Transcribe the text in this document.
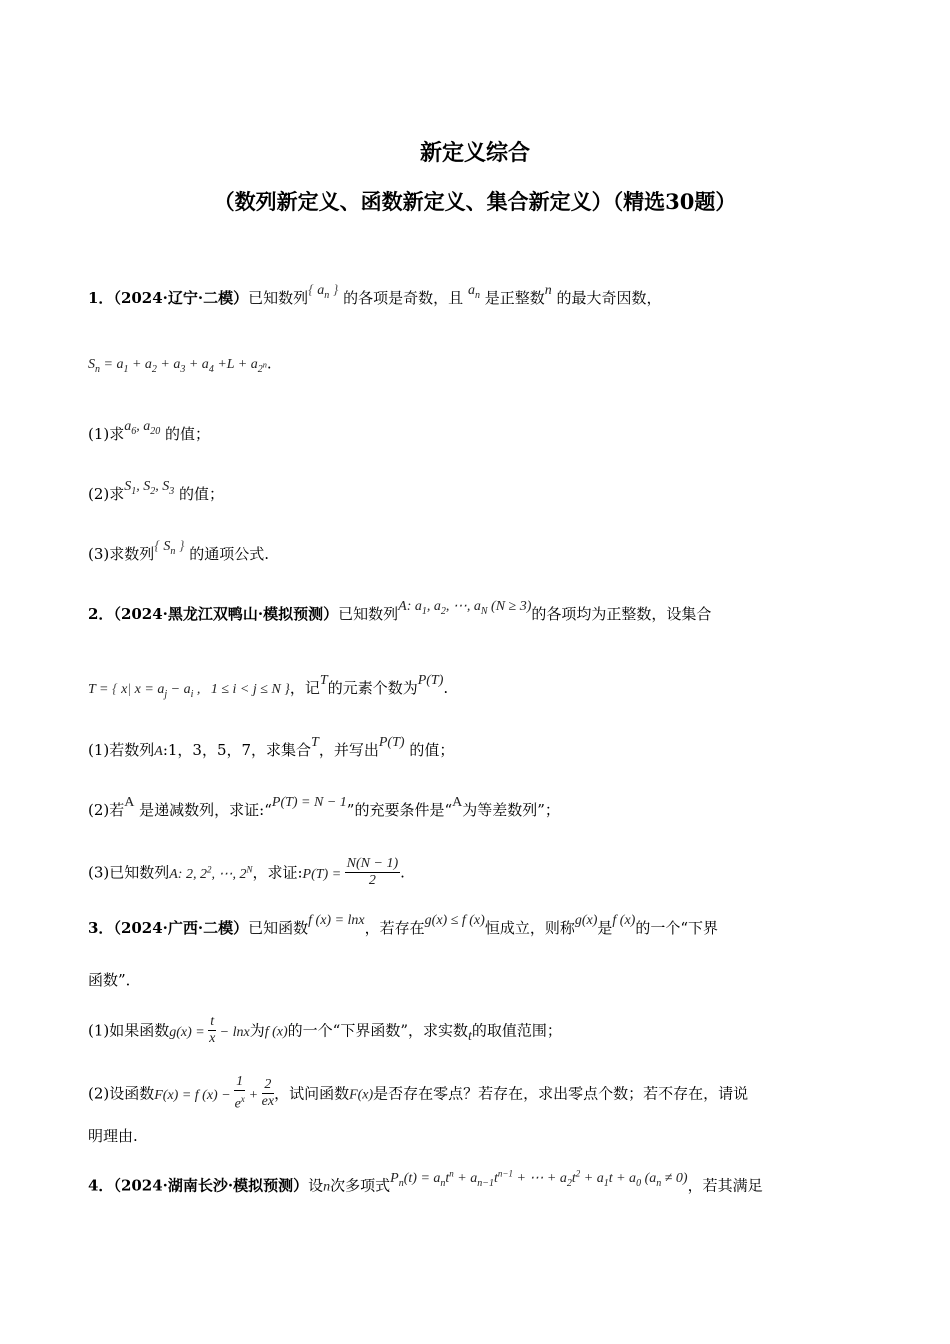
新定义综合
（数列新定义、函数新定义、集合新定义）（精选30题）
1．（2024·辽宁·二模）已知数列{ $a_n$ } 的各项是奇数，且 $a_n$ 是正整数n 的最大奇因数，
$S_n = a_1 + a_2 + a_3 + a_4 +L + a_{2^n}$.
(1)求$a_6$, $a_{20}$ 的值；
(2)求$S_1$, $S_2$, $S_3$ 的值；
(3)求数列{ $S_n$ } 的通项公式.
2．（2024·黑龙江双鸭山·模拟预测）已知数列A: $a_1$, $a_2$, ⋯, $a_N$ (N ≥ 3)的各项均为正整数，设集合
T = { x| $x = a_j - a_i$ ,   1 ≤ i < j ≤ N }，记T的元素个数为P(T).
(1)若数列A:1，3，5，7，求集合T，并写出P(T) 的值；
(2)若A 是递减数列，求证:“P(T) = N − 1”的充要条件是“A为等差数列”；
(3)已知数列A: 2, $2^2$, ⋯, $2^N$，求证:P(T) = $\frac{N(N - 1)}{2}$ .
3．（2024·广西·二模）已知函数f (x) = lnx，若存在g(x) ≤ f (x)恒成立，则称g(x)是f (x)的一个“下界
函数”．
(1)如果函数$g(x) = \frac{t}{x} - \ln x$为f (x)的一个“下界函数”，求实数t的取值范围；
(2)设函数F(x) = f $(x) - \frac{1}{e^x} + \frac{2}{ex}$ ，试问函数F(x)是否存在零点？若存在，求出零点个数；若不存在，请说
明理由.
4．（2024·湖南长沙·模拟预测）设n次多项式$P_n(t) = a_nt^n + a_{n-1}t^{n-1}$ + ⋯ + $a_2t^2 + a_1t + a_0$ $(a_n \ne 0)$，若其满足
